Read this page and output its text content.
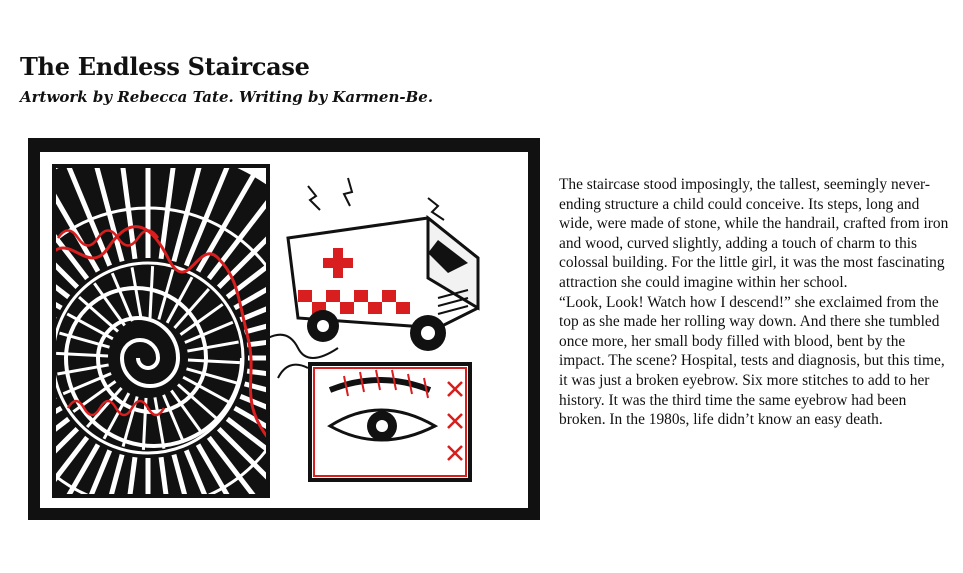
The Endless Staircase

Artwork by Rebecca Tate. Writing by Karmen-Be.

The staircase stood imposingly, the tallest, seemingly never-ending structure a child could conceive. Its steps, long and wide, were made of stone, while the handrail, crafted from iron and wood, curved slightly, adding a touch of charm to this colossal building. For the little girl, it was the most fascinating attraction she could imagine within her school.

“Look, Look! Watch how I descend!” she exclaimed from the top as she made her rolling way down. And there she tumbled once more, her small body filled with blood, bent by the impact. The scene? Hospital, tests and diagnosis, but this time, it was just a broken eyebrow. Six more stitches to add to her history. It was the third time the same eyebrow had been broken. In the 1980s, life didn’t know an easy death.
